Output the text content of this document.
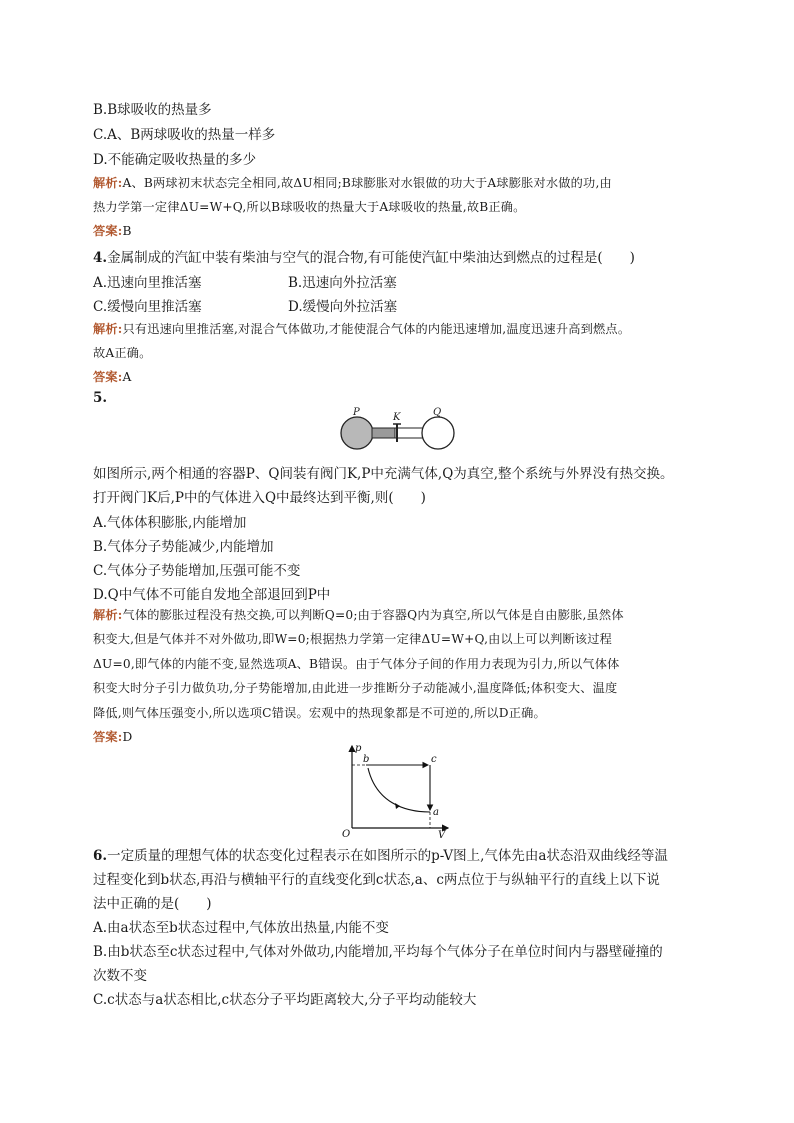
B.B球吸收的热量多
C.A、B两球吸收的热量一样多
D.不能确定吸收热量的多少
解析:A、B两球初末状态完全相同,故ΔU相同;B球膨胀对水银做的功大于A球膨胀对水做的功,由
热力学第一定律ΔU=W+Q,所以B球吸收的热量大于A球吸收的热量,故B正确。
答案:B
4.金属制成的汽缸中装有柴油与空气的混合物,有可能使汽缸中柴油达到燃点的过程是(　　)
A.迅速向里推活塞	B.迅速向外拉活塞
C.缓慢向里推活塞	D.缓慢向外拉活塞
解析:只有迅速向里推活塞,对混合气体做功,才能使混合气体的内能迅速增加,温度迅速升高到燃点。
故A正确。
答案:A
5.
P	K	Q
如图所示,两个相通的容器P、Q间装有阀门K,P中充满气体,Q为真空,整个系统与外界没有热交换。
打开阀门K后,P中的气体进入Q中最终达到平衡,则(　　)
A.气体体积膨胀,内能增加
B.气体分子势能减少,内能增加
C.气体分子势能增加,压强可能不变
D.Q中气体不可能自发地全部退回到P中
解析:气体的膨胀过程没有热交换,可以判断Q=0;由于容器Q内为真空,所以气体是自由膨胀,虽然体
积变大,但是气体并不对外做功,即W=0;根据热力学第一定律ΔU=W+Q,由以上可以判断该过程
ΔU=0,即气体的内能不变,显然选项A、B错误。由于气体分子间的作用力表现为引力,所以气体体
积变大时分子引力做负功,分子势能增加,由此进一步推断分子动能减小,温度降低;体积变大、温度
降低,则气体压强变小,所以选项C错误。宏观中的热现象都是不可逆的,所以D正确。
答案:D
p
b	c
a
O	V
6.一定质量的理想气体的状态变化过程表示在如图所示的p-V图上,气体先由a状态沿双曲线经等温
过程变化到b状态,再沿与横轴平行的直线变化到c状态,a、c两点位于与纵轴平行的直线上以下说
法中正确的是(　　)
A.由a状态至b状态过程中,气体放出热量,内能不变
B.由b状态至c状态过程中,气体对外做功,内能增加,平均每个气体分子在单位时间内与器壁碰撞的
次数不变
C.c状态与a状态相比,c状态分子平均距离较大,分子平均动能较大
